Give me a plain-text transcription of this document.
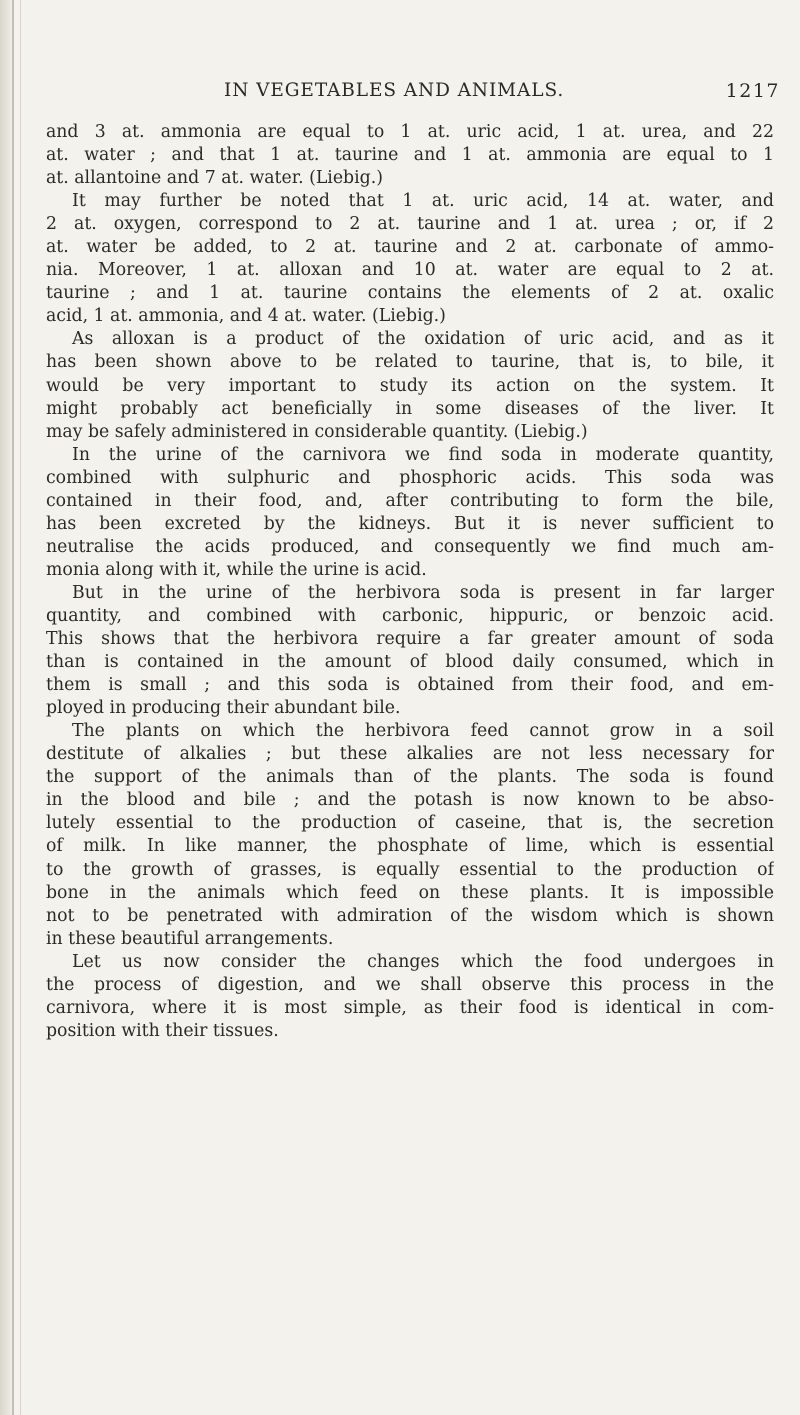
IN VEGETABLES AND ANIMALS.	1217
and 3 at. ammonia are equal to 1 at. uric acid, 1 at. urea, and 22
at. water ; and that 1 at. taurine and 1 at. ammonia are equal to 1
at. allantoine and 7 at. water. (Liebig.)
It may further be noted that 1 at. uric acid, 14 at. water, and
2 at. oxygen, correspond to 2 at. taurine and 1 at. urea ; or, if 2
at. water be added, to 2 at. taurine and 2 at. carbonate of ammo-
nia. Moreover, 1 at. alloxan and 10 at. water are equal to 2 at.
taurine ; and 1 at. taurine contains the elements of 2 at. oxalic
acid, 1 at. ammonia, and 4 at. water. (Liebig.)
As alloxan is a product of the oxidation of uric acid, and as it
has been shown above to be related to taurine, that is, to bile, it
would be very important to study its action on the system. It
might probably act beneficially in some diseases of the liver. It
may be safely administered in considerable quantity. (Liebig.)
In the urine of the carnivora we find soda in moderate quantity,
combined with sulphuric and phosphoric acids. This soda was
contained in their food, and, after contributing to form the bile,
has been excreted by the kidneys. But it is never sufficient to
neutralise the acids produced, and consequently we find much am-
monia along with it, while the urine is acid.
But in the urine of the herbivora soda is present in far larger
quantity, and combined with carbonic, hippuric, or benzoic acid.
This shows that the herbivora require a far greater amount of soda
than is contained in the amount of blood daily consumed, which in
them is small ; and this soda is obtained from their food, and em-
ployed in producing their abundant bile.
The plants on which the herbivora feed cannot grow in a soil
destitute of alkalies ; but these alkalies are not less necessary for
the support of the animals than of the plants. The soda is found
in the blood and bile ; and the potash is now known to be abso-
lutely essential to the production of caseine, that is, the secretion
of milk. In like manner, the phosphate of lime, which is essential
to the growth of grasses, is equally essential to the production of
bone in the animals which feed on these plants. It is impossible
not to be penetrated with admiration of the wisdom which is shown
in these beautiful arrangements.
Let us now consider the changes which the food undergoes in
the process of digestion, and we shall observe this process in the
carnivora, where it is most simple, as their food is identical in com-
position with their tissues.
